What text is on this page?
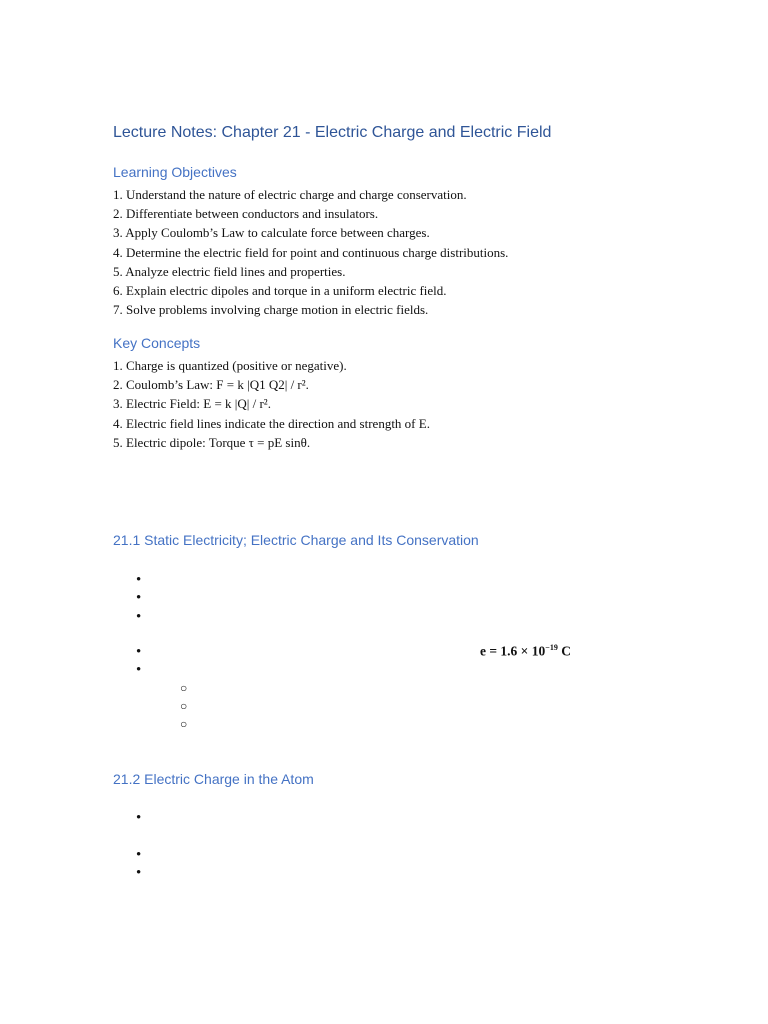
Lecture Notes: Chapter 21 - Electric Charge and Electric Field
Learning Objectives
1. Understand the nature of electric charge and charge conservation.
2. Differentiate between conductors and insulators.
3. Apply Coulomb’s Law to calculate force between charges.
4. Determine the electric field for point and continuous charge distributions.
5. Analyze electric field lines and properties.
6. Explain electric dipoles and torque in a uniform electric field.
7. Solve problems involving charge motion in electric fields.
Key Concepts
1. Charge is quantized (positive or negative).
2. Coulomb’s Law: F = k |Q1 Q2| / r².
3. Electric Field: E = k |Q| / r².
4. Electric field lines indicate the direction and strength of E.
5. Electric dipole: Torque τ = pE sinθ.
21.1 Static Electricity; Electric Charge and Its Conservation
•
•
•
•
•
$e = 1.6 \times 10^{-19}$ C
○
○
○
21.2 Electric Charge in the Atom
•
•
•
